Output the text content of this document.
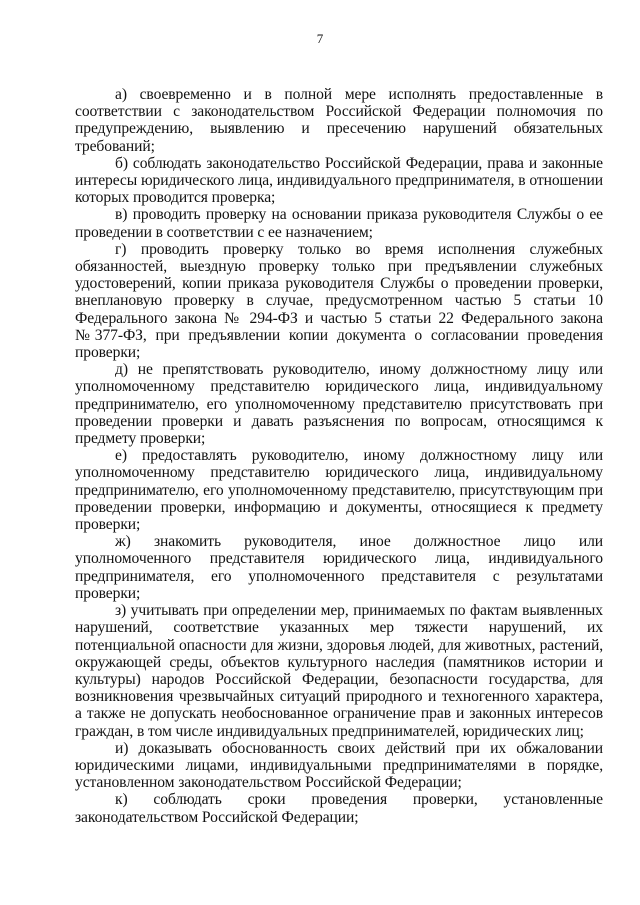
7

а) своевременно и в полной мере исполнять предоставленные в соответствии с законодательством Российской Федерации полномочия по предупреждению, выявлению и пресечению нарушений обязательных требований;

б) соблюдать законодательство Российской Федерации, права и законные интересы юридического лица, индивидуального предпринимателя, в отношении которых проводится проверка;

в) проводить проверку на основании приказа руководителя Службы о ее проведении в соответствии с ее назначением;

г) проводить проверку только во время исполнения служебных обязанностей, выездную проверку только при предъявлении служебных удостоверений, копии приказа руководителя Службы о проведении проверки, внеплановую проверку в случае, предусмотренном частью 5 статьи 10 Федерального закона № 294-ФЗ и частью 5 статьи 22 Федерального закона №377-ФЗ, при предъявлении копии документа о согласовании проведения проверки;

д) не препятствовать руководителю, иному должностному лицу или уполномоченному представителю юридического лица, индивидуальному предпринимателю, его уполномоченному представителю присутствовать при проведении проверки и давать разъяснения по вопросам, относящимся к предмету проверки;

е) предоставлять руководителю, иному должностному лицу или уполномоченному представителю юридического лица, индивидуальному предпринимателю, его уполномоченному представителю, присутствующим при проведении проверки, информацию и документы, относящиеся к предмету проверки;

ж) знакомить руководителя, иное должностное лицо или уполномоченного представителя юридического лица, индивидуального предпринимателя, его уполномоченного представителя с результатами проверки;

з) учитывать при определении мер, принимаемых по фактам выявленных нарушений, соответствие указанных мер тяжести нарушений, их потенциальной опасности для жизни, здоровья людей, для животных, растений, окружающей среды, объектов культурного наследия (памятников истории и культуры) народов Российской Федерации, безопасности государства, для возникновения чрезвычайных ситуаций природного и техногенного характера, а также не допускать необоснованное ограничение прав и законных интересов граждан, в том числе индивидуальных предпринимателей, юридических лиц;

и) доказывать обоснованность своих действий при их обжаловании юридическими лицами, индивидуальными предпринимателями в порядке, установленном законодательством Российской Федерации;

к) соблюдать сроки проведения проверки, установленные законодательством Российской Федерации;
